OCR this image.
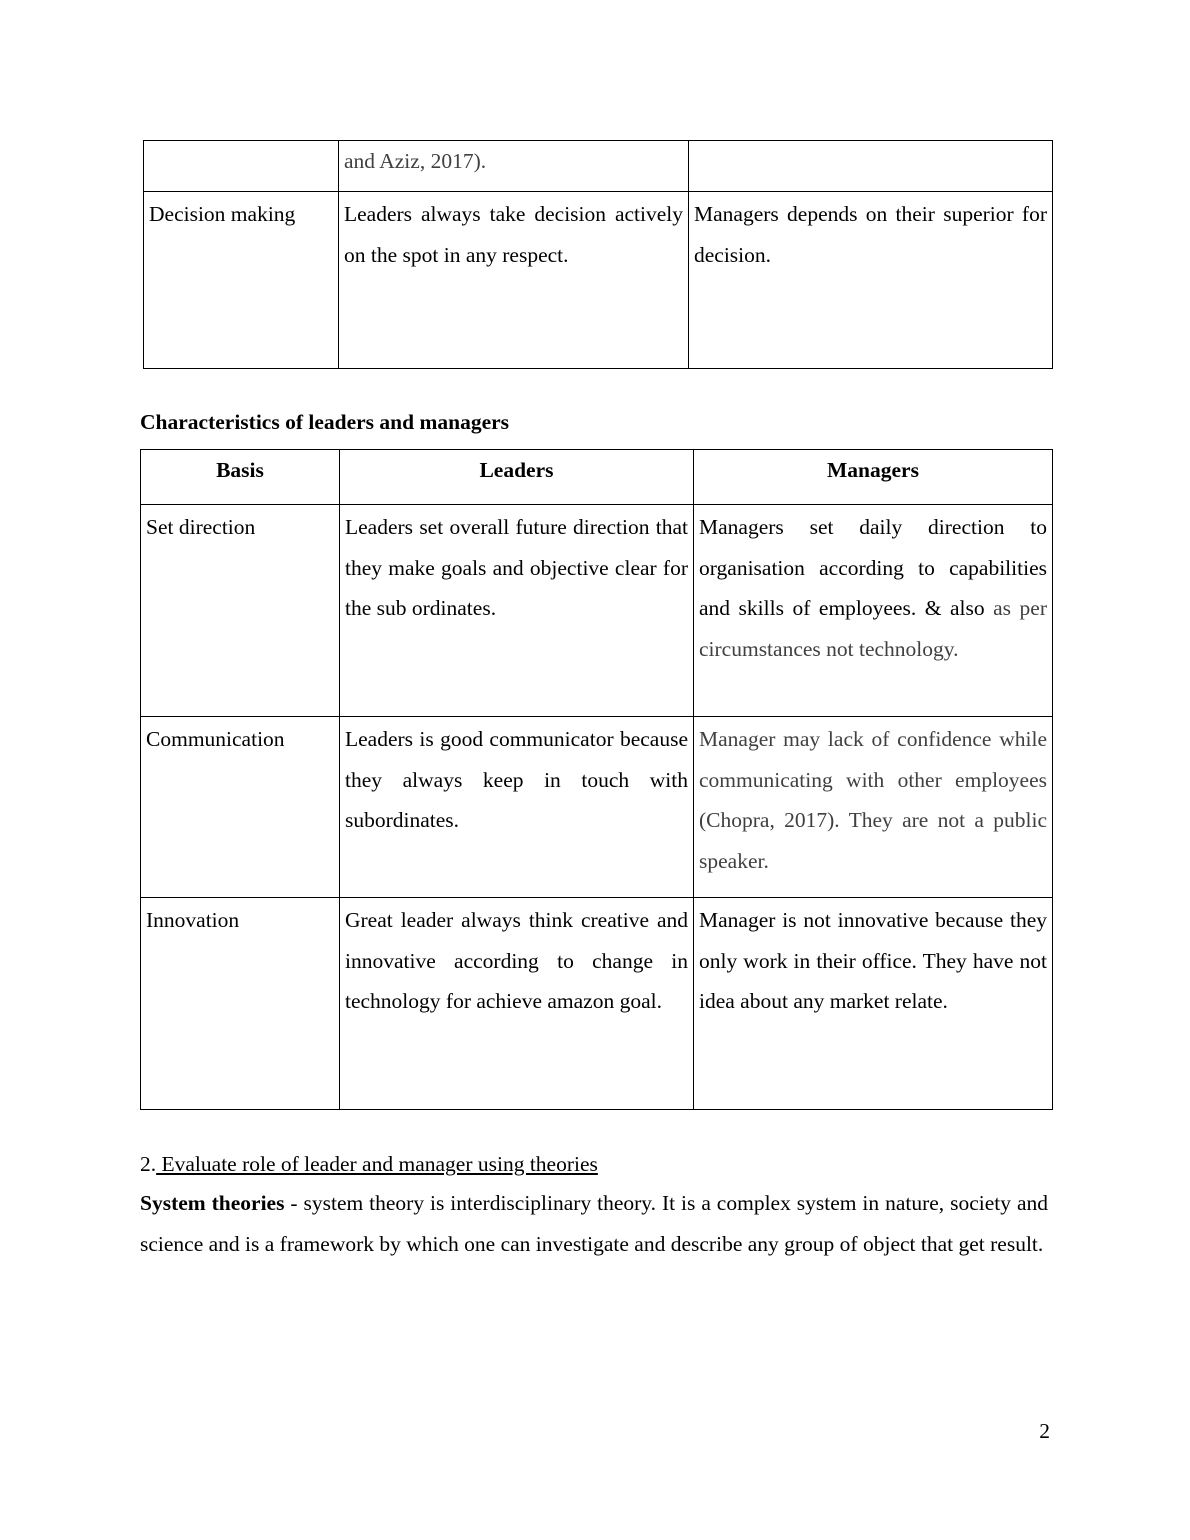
	and Aziz, 2017).	
Decision making	Leaders always take decision actively on the spot in any respect.	Managers depends on their superior for decision.
Characteristics of leaders and managers
Basis	Leaders	Managers
Set direction	Leaders set overall future direction that they make goals and objective clear for the sub ordinates.	Managers set daily direction to organisation according to capabilities and skills of employees. & also as per circumstances not technology.
Communication	Leaders is good communicator because they always keep in touch with subordinates.	Manager may lack of confidence while communicating with other employees (Chopra, 2017). They are not a public speaker.
Innovation	Great leader always think creative and innovative according to change in technology for achieve amazon goal.	Manager is not innovative because they only work in their office. They have not idea about any market relate.
2. Evaluate role of leader and manager using theories
System theories - system theory is interdisciplinary theory. It is a complex system in nature, society and science and is a framework by which one can investigate and describe any group of object that get result.
2
